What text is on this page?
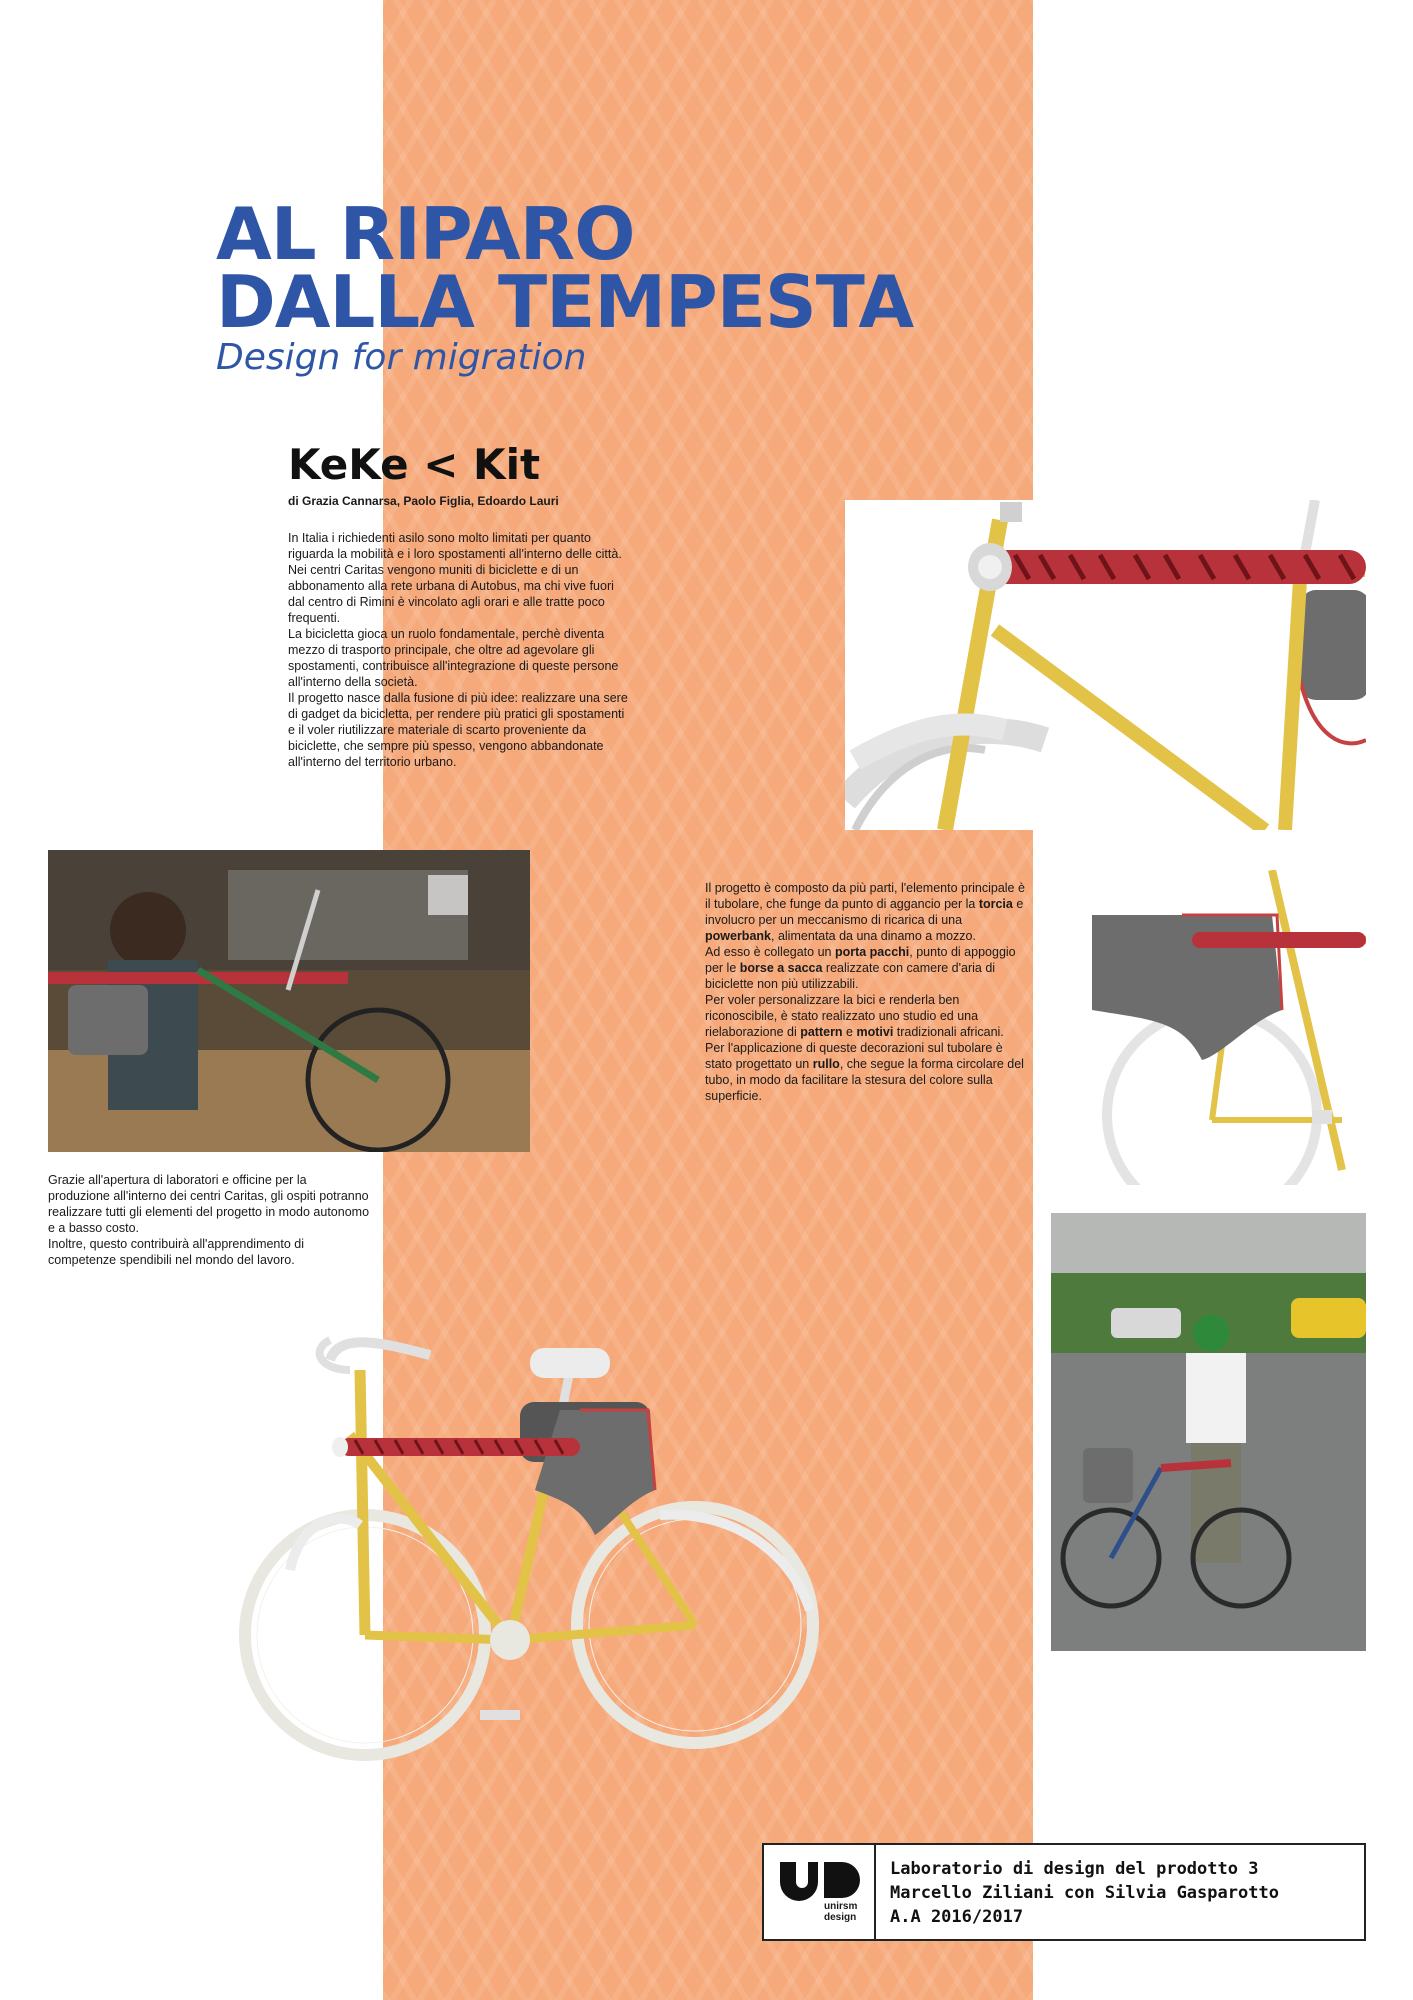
AL RIPARO
DALLA TEMPESTA
Design for migration
KeKe < Kit
di Grazia Cannarsa, Paolo Figlia, Edoardo Lauri

In Italia i richiedenti asilo sono molto limitati per quanto riguarda la mobilità e i loro spostamenti all'interno delle città.

Nei centri Caritas vengono muniti di biciclette e di un abbonamento alla rete urbana di Autobus, ma chi vive fuori dal centro di Rimini è vincolato agli orari e alle tratte poco frequenti.

La bicicletta gioca un ruolo fondamentale, perchè diventa mezzo di trasporto principale, che oltre ad agevolare gli spostamenti, contribuisce all'integrazione di queste persone all'interno della società.

Il progetto nasce dalla fusione di più idee: realizzare una sere di gadget da bicicletta, per rendere più pratici gli spostamenti e il voler riutilizzare materiale di scarto proveniente da biciclette, che sempre più spesso, vengono abbandonate all'interno del territorio urbano.

Il progetto è composto da più parti, l'elemento principale è il tubolare, che funge da punto di aggancio per la torcia e involucro per un meccanismo di ricarica di una powerbank, alimentata da una dinamo a mozzo.

Ad esso è collegato un porta pacchi, punto di appoggio per le borse a sacca realizzate con camere d'aria di biciclette non più utilizzabili.

Per voler personalizzare la bici e renderla ben riconoscibile, è stato realizzato uno studio ed una rielaborazione di pattern e motivi tradizionali africani.

Per l'applicazione di queste decorazioni sul tubolare è stato progettato un rullo, che segue la forma circolare del tubo, in modo da facilitare la stesura del colore sulla superficie.

Grazie all'apertura di laboratori e officine per la produzione all'interno dei centri Caritas, gli ospiti potranno realizzare tutti gli elementi del progetto in modo autonomo e a basso costo.

Inoltre, questo contribuirà all'apprendimento di competenze spendibili nel mondo del lavoro.

unirsm
design
Laboratorio di design del prodotto 3
Marcello Ziliani con Silvia Gasparotto
A.A 2016/2017
